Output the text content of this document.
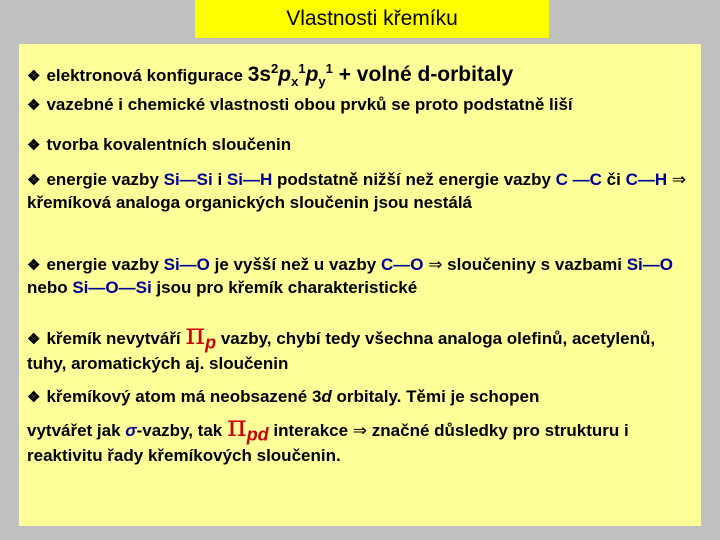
Vlastnosti křemíku
❖ elektronová konfigurace $3s^2p_x^1p_y^1$ + volné d-orbitaly
❖ vazebné i chemické vlastnosti obou prvků se proto podstatně liší
❖ tvorba kovalentních sloučenin
❖ energie vazby Si—Si i Si—H podstatně nižší než energie vazby C —C či C—H ⇒ křemíková analoga organických sloučenin jsou nestálá
❖ energie vazby Si—O je vyšší než u vazby C—O ⇒ sloučeniny s vazbami Si—O nebo Si—O—Si jsou pro křemík charakteristické
❖ křemík nevytváří $\pi_p$ vazby, chybí tedy všechna analoga olefinů, acetylenů, tuhy, aromatických aj. sloučenin
❖ křemíkový atom má neobsazené 3d orbitaly. Těmi je schopen
vytvářet jak σ-vazby, tak $\pi_{pd}$ interakce ⇒ značné důsledky pro strukturu i reaktivitu řady křemíkových sloučenin.
